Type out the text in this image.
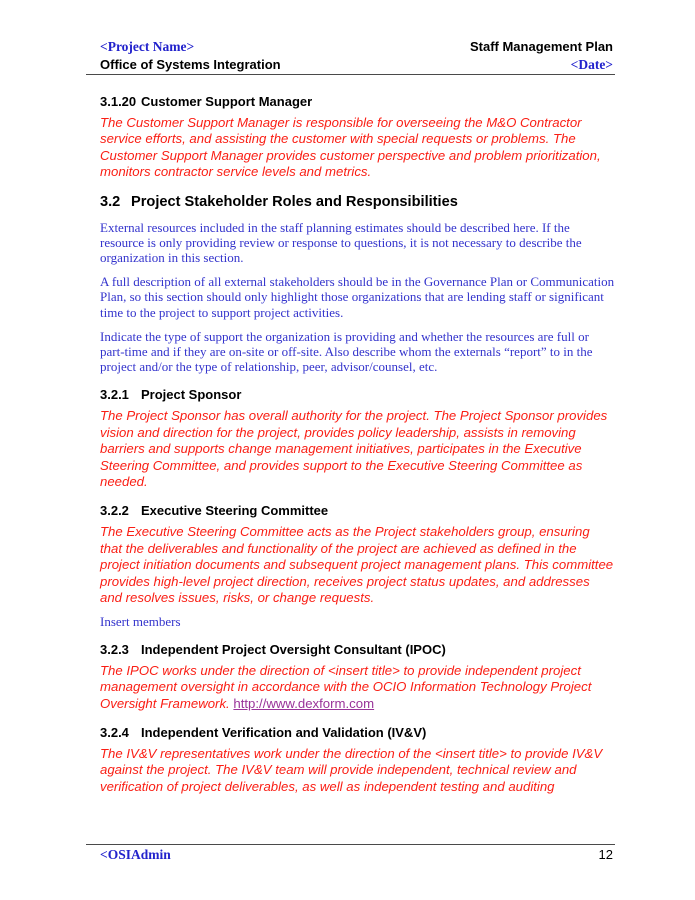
<Project Name>	Staff Management Plan
Office of Systems Integration	<Date>
3.1.20 Customer Support Manager

The Customer Support Manager is responsible for overseeing the M&O Contractor service efforts, and assisting the customer with special requests or problems. The Customer Support Manager provides customer perspective and problem prioritization, monitors contractor service levels and metrics.

3.2 Project Stakeholder Roles and Responsibilities

External resources included in the staff planning estimates should be described here. If the resource is only providing review or response to questions, it is not necessary to describe the organization in this section.

A full description of all external stakeholders should be in the Governance Plan or Communication Plan, so this section should only highlight those organizations that are lending staff or significant time to the project to support project activities.

Indicate the type of support the organization is providing and whether the resources are full or part-time and if they are on-site or off-site. Also describe whom the externals “report” to in the project and/or the type of relationship, peer, advisor/counsel, etc.

3.2.1 Project Sponsor

The Project Sponsor has overall authority for the project. The Project Sponsor provides vision and direction for the project, provides policy leadership, assists in removing barriers and supports change management initiatives, participates in the Executive Steering Committee, and provides support to the Executive Steering Committee as needed.

3.2.2 Executive Steering Committee

The Executive Steering Committee acts as the Project stakeholders group, ensuring that the deliverables and functionality of the project are achieved as defined in the project initiation documents and subsequent project management plans. This committee provides high-level project direction, receives project status updates, and addresses and resolves issues, risks, or change requests.

Insert members

3.2.3 Independent Project Oversight Consultant (IPOC)

The IPOC works under the direction of <insert title> to provide independent project management oversight in accordance with the OCIO Information Technology Project Oversight Framework. http://www.dexform.com

3.2.4 Independent Verification and Validation (IV&V)

The IV&V representatives work under the direction of the <insert title> to provide IV&V against the project. The IV&V team will provide independent, technical review and verification of project deliverables, as well as independent testing and auditing

<OSIAdmin	12
